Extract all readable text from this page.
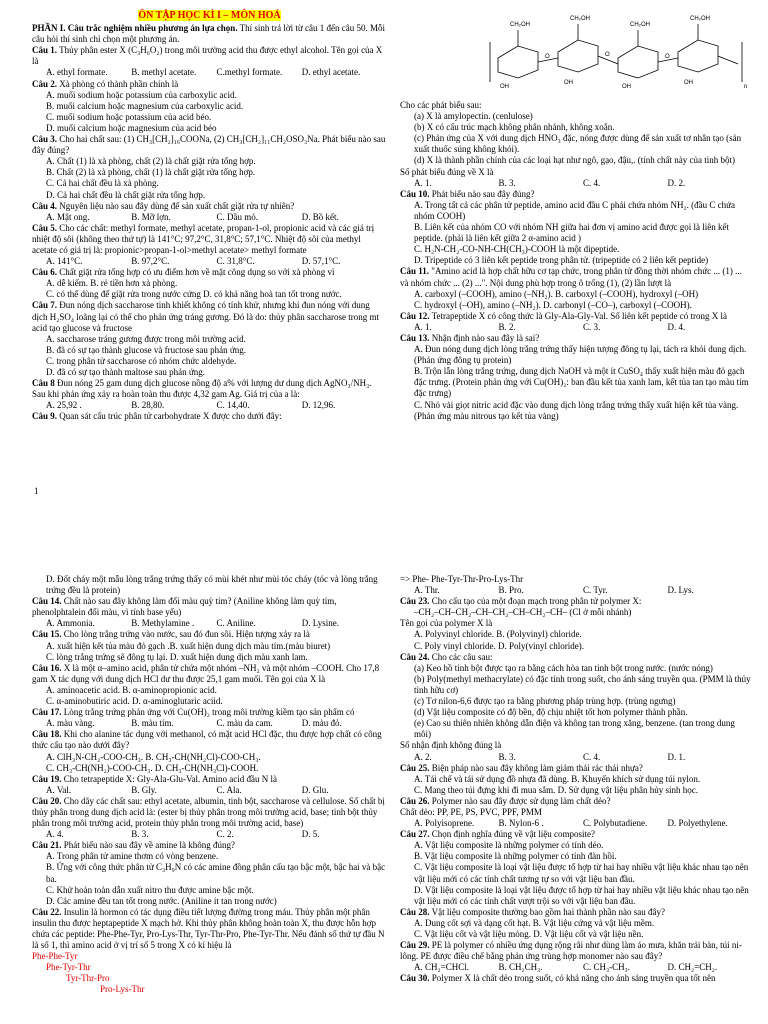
ÔN TẬP HỌC KÌ I – MÔN HOÁ
PHẦN I. Câu trắc nghiệm nhiều phương án lựa chọn. Thí sinh trả lời từ câu 1 đến câu 50. Mỗi câu hỏi thí sinh chỉ chọn một phương án.
Câu 1. Thủy phân ester X (C₃H₆O₂) trong môi trường acid thu được ethyl alcohol. Tên gọi của X là
A. ethyl formate.	B. methyl acetate.	C.methyl formate.	D. ethyl acetate.
Câu 2. Xà phòng có thành phần chính là
A. muối sodium hoặc potassium của carboxylic acid.
B. muối calcium hoặc magnesium của carboxylic acid.
C. muối sodium hoặc potassium của acid béo.
D. muối calcium hoặc magnesium của acid béo
Câu 3. Cho hai chất sau: (1) CH₃[CH₂]₁₆COONa, (2) CH₃[CH₂]₁₁CH₂OSO₃Na. Phát biểu nào sau đây đúng?
A. Chất (1) là xà phòng, chất (2) là chất giặt rửa tổng hợp.
B. Chất (2) là xà phòng, chất (1) là chất giặt rửa tổng hợp.
C. Cả hai chất đều là xà phòng.
D. Cả hai chất đều là chất giặt rửa tổng hợp.
Câu 4. Nguyên liệu nào sau đây dùng để sản xuất chất giặt rửa tự nhiên?
A. Mật ong.	B. Mỡ lợn.	C. Dầu mỏ.	D. Bồ kết.
Câu 5. Cho các chất: methyl formate, methyl acetate, propan-1-ol, propionic acid và các giá trị nhiệt độ sôi (không theo thứ tự) là 141°C; 97,2°C, 31,8°C; 57,1°C. Nhiệt độ sôi của methyl acetate có giá trị là: propionic>propan-1-ol>methyl acetate> methyl formate
A. 141°C.	B. 97,2°C.	C. 31,8°C.	D. 57,1°C.
Câu 6. Chất giặt rửa tổng hợp có ưu điểm hơn về mặt công dụng so với xà phòng vì
A. dễ kiếm. B. rẻ tiền hơn xà phòng.
C. có thể dùng để giặt rửa trong nước cứng D. có khả năng hoà tan tốt trong nước.
Câu 7. Đun nóng dịch saccharose tinh khiết không có tính khử, nhưng khi đun nóng với dung dịch H₂SO₄ loãng lại có thể cho phản ứng tráng gương. Đó là do: thủy phân saccharose trong mt acid tạo glucose và fructose
A. saccharose tráng gương được trong môi trường acid.
B. đã có sự tạo thành glucose và fructose sau phản ứng.
C. trong phân tử saccharose có nhóm chức aldehyde.
D. đã có sự tạo thành maltose sau phản ứng.
Câu 8 Đun nóng 25 gam dung dịch glucose nồng độ a% với lượng dư dung dịch AgNO₃/NH₃. Sau khi phản ứng xảy ra hoàn toàn thu được 4,32 gam Ag. Giá trị của a là:
A. 25,92 .	B. 28,80.	C. 14,40.	D. 12,96.
Câu 9. Quan sát cấu trúc phân tử carbohydrate X được cho dưới đây:
CH₂OH
CH₂OH
CH₂OH
CH₂OH
OH
OH
OH
OH
O	O	O
n
Cho các phát biểu sau:
(a) X là amylopectin. (cenlulose)
(b) X có cấu trúc mạch không phân nhánh, không xoắn.
(c) Phản ứng của X với dung dịch HNO₃ đặc, nóng được dùng để sản xuất tơ nhân tạo (sản xuất thuốc súng không khói).
(d) X là thành phần chính của các loại hạt như ngô, gạo, đậu,. (tính chất này của tinh bột)
Số phát biểu đúng về X là
A. 1.	B. 3.	C. 4.	D. 2.
Câu 10. Phát biểu nào sau đây đúng?
A. Trong tất cả các phân tử peptide, amino acid đầu C phải chứa nhóm NH₂. (đầu C chứa nhóm COOH)
B. Liên kết của nhóm CO với nhóm NH giữa hai đơn vị amino acid được gọi là liên kết peptide. (phải là liên kết giữa 2 α-amino acid )
C. H₂N-CH₂-CO-NH-CH(CH₃)-COOH là một dipeptide.
D. Tripeptide có 3 liên kết peptide trong phân tử. (tripeptide có 2 liên kết peptide)
Câu 11. "Amino acid là hợp chất hữu cơ tạp chức, trong phân tử đồng thời nhóm chức ... (1) ... và nhóm chức ... (2) ...". Nội dung phù hợp trong ô trống (1), (2) lần lượt là
A. carboxyl (–COOH), amino (–NH₂). B. carboxyl (–COOH), hydroxyl (–OH)
C. hydroxyl (–OH), amino (–NH₂). D. carbonyl (–CO–), carboxyl (–COOH).
Câu 12. Tetrapeptide X có công thức là Gly-Ala-Gly-Val. Số liên kết peptide có trong X là
A. 1.	B. 2.	C. 3.	D. 4.
Câu 13. Nhận định nào sau đây là sai?
A. Đun nóng dung dịch lòng trắng trứng thấy hiện tượng đông tụ lại, tách ra khỏi dung dịch. (Phản ứng đông tụ protein)
B. Trộn lẫn lòng trắng trứng, dung dịch NaOH và một ít CuSO₄ thấy xuất hiện màu đỏ gạch đặc trưng. (Protein phản ứng với Cu(OH)₂: ban đầu kết tủa xanh lam, kết tủa tan tạo màu tím đặc trưng)
C. Nhỏ vài giọt nitric acid đặc vào dung dịch lòng trắng trứng thấy xuất hiện kết tủa vàng. (Phản ứng màu nitrous tạo kết tủa vàng)
1
D. Đốt cháy một mẫu lòng trắng trứng thấy có mùi khét như mùi tóc cháy (tóc và lòng trắng trứng đều là protein)
Câu 14. Chất nào sau đây không làm đổi màu quỳ tím? (Aniline không làm quỳ tím, phenolphtalein đổi màu, vì tính base yếu)
A. Ammonia.	B. Methylamine .	C. Aniline.	D. Lysine.
Câu 15. Cho lòng trắng trứng vào nước, sau đó đun sôi. Hiện tượng xảy ra là
A. xuất hiện kết tủa màu đỏ gạch .B. xuất hiện dung dịch màu tím.(màu biuret)
C. lòng trắng trứng sẽ đông tụ lại. D. xuất hiện dung dịch màu xanh lam.
Câu 16. X là một α–amino acid, phân tử chứa một nhóm –NH₂ và một nhóm –COOH. Cho 17,8 gam X tác dụng với dung dịch HCl dư thu được 25,1 gam muối. Tên gọi của X là
A. aminoacetic acid. B. α-aminopropionic acid.
C. α-aminobutiric acid. D. α-aminoglutaric aciid.
Câu 17. Lòng trắng trứng phản ứng với Cu(OH)₂ trong môi trường kiềm tạo sản phẩm có
A. màu vàng.	B. màu tím.	C. màu da cam.	D. màu đỏ.
Câu 18. Khi cho alanine tác dụng với methanol, có mặt acid HCl đặc, thu được hợp chất có công thức cấu tạo nào dưới đây?
A. ClH₃N-CH₂-COO-CH₃. B. CH₃-CH(NH₂Cl)-COO-CH₃.
C. CH₃-CH(NH₂)-COO-CH₃. D. CH₃-CH(NH₃Cl)-COOH.
Câu 19. Cho tetrapeptide X: Gly-Ala-Glu-Val. Amino acid đầu N là
A. Val.	B. Gly.	C. Ala.	D. Glu.
Câu 20. Cho dãy các chất sau: ethyl acetate, albumin, tinh bột, saccharose và cellulose. Số chất bị thủy phân trong dung dịch acid là: (ester bị thủy phân trong môi trường acid, base; tinh bột thủy phân trong môi trường acid, protein thủy phân trong môi trường acid, base)
A. 4.	B. 3.	C. 2.	D. 5.
Câu 21. Phát biểu nào sau đây về amine là không đúng?
A. Trong phân tử amine thơm có vòng benzene.
B. Ứng với công thức phân tử C₃H₉N có các amine đồng phân cấu tạo bậc một, bậc hai và bậc ba.
C. Khử hoàn toàn dẫn xuất nitro thu được amine bậc một.
D. Các amine đều tan tốt trong nước. (Aniline ít tan trong nước)
Câu 22. Insulin là hormon có tác dụng điều tiết lượng đường trong máu. Thủy phân một phân insulin thu được heptapeptide X mạch hở. Khi thủy phân không hoàn toàn X, thu được hỗn hợp chứa các peptide: Phe-Phe-Tyr, Pro-Lys-Thr, Tyr-Thr-Pro, Phe-Tyr-Thr. Nếu đánh số thứ tự đầu N là số 1, thì amino acid ở vị trí số 5 trong X có kí hiệu là
Phe-Phe-Tyr
Phe-Tyr-Thr
Tyr-Thr-Pro
Pro-Lys-Thr
=> Phe- Phe-Tyr-Thr-Pro-Lys-Thr
A. Thr.	B. Pro.	C. Tyr.	D. Lys.
Câu 23. Cho cấu tạo của một đoạn mạch trong phân tử polymer X:
–CH₂–CH–CH₂–CH–CH₂–CH–CH₂–CH– (Cl ở mỗi nhánh)
Tên gọi của polymer X là
A. Polyvinyl chloride. B. (Polyvinyl) chloride.
C. Poly vinyl chloride. D. Poly(vinyl chloride).
Câu 24. Cho các câu sau:
(a) Keo hồ tinh bột được tạo ra bằng cách hòa tan tinh bột trong nước. (nước nóng)
(b) Poly(methyl methacrylate) có đặc tính trong suốt, cho ánh sáng truyền qua. (PMM là thủy tinh hữu cơ)
(c) Tơ nilon-6,6 được tạo ra bằng phương pháp trùng hợp. (trùng ngưng)
(d) Vật liệu composite có độ bền, độ chịu nhiệt tốt hơn polymer thành phần.
(e) Cao su thiên nhiên không dẫn điện và không tan trong xăng, benzene. (tan trong dung môi)
Số nhận định không đúng là
A. 2.	B. 3.	C. 4.	D. 1.
Câu 25. Biện pháp nào sau đây không làm giảm thải rác thải nhựa?
A. Tái chế và tái sử dụng đồ nhựa đã dùng. B. Khuyến khích sử dụng túi nylon.
C. Mang theo túi đựng khi đi mua sắm. D. Sử dụng vật liệu phân hủy sinh học.
Câu 26. Polymer nào sau đây được sử dụng làm chất dẻo?
Chất dẻo: PP, PE, PS, PVC, PPF, PMM
A. Polyisoprene.	B. Nylon-6 .	C. Polybutadiene.	D. Polyethylene.
Câu 27. Chọn định nghĩa đúng về vật liệu composite?
A. Vật liệu composite là những polymer có tính dẻo.
B. Vật liệu composite là những polymer có tính đàn hồi.
C. Vật liệu composite là loại vật liệu được tổ hợp từ hai hay nhiều vật liệu khác nhau tạo nên vật liệu mới có các tính chất tương tự so với vật liệu ban đầu.
D. Vật liệu composite là loại vật liệu được tổ hợp từ hai hay nhiều vật liệu khác nhau tạo nên vật liệu mới có các tính chất vượt trội so với vật liệu ban đầu.
Câu 28. Vật liệu composite thường bao gồm hai thành phần nào sau đây?
A. Dung cốt sợi và dạng cốt hạt. B. Vật liệu cứng và vật liệu mềm.
C. Vật liệu cốt và vật liệu mỏng. D. Vật liệu cốt và vật liệu nền.
Câu 29. PE là polymer có nhiều ứng dụng rộng rãi như dùng làm áo mưa, khăn trải bàn, túi ni-lông. PE được điều chế bằng phản ứng trùng hợp monomer nào sau đây?
A. CH₂=CHCl.	B. CH₂CH₃.	C. CH₃-CH₃.	D. CH₂=CH₂.
Câu 30. Polymer X là chất dẻo trong suốt, có khả năng cho ánh sáng truyền qua tốt nên
